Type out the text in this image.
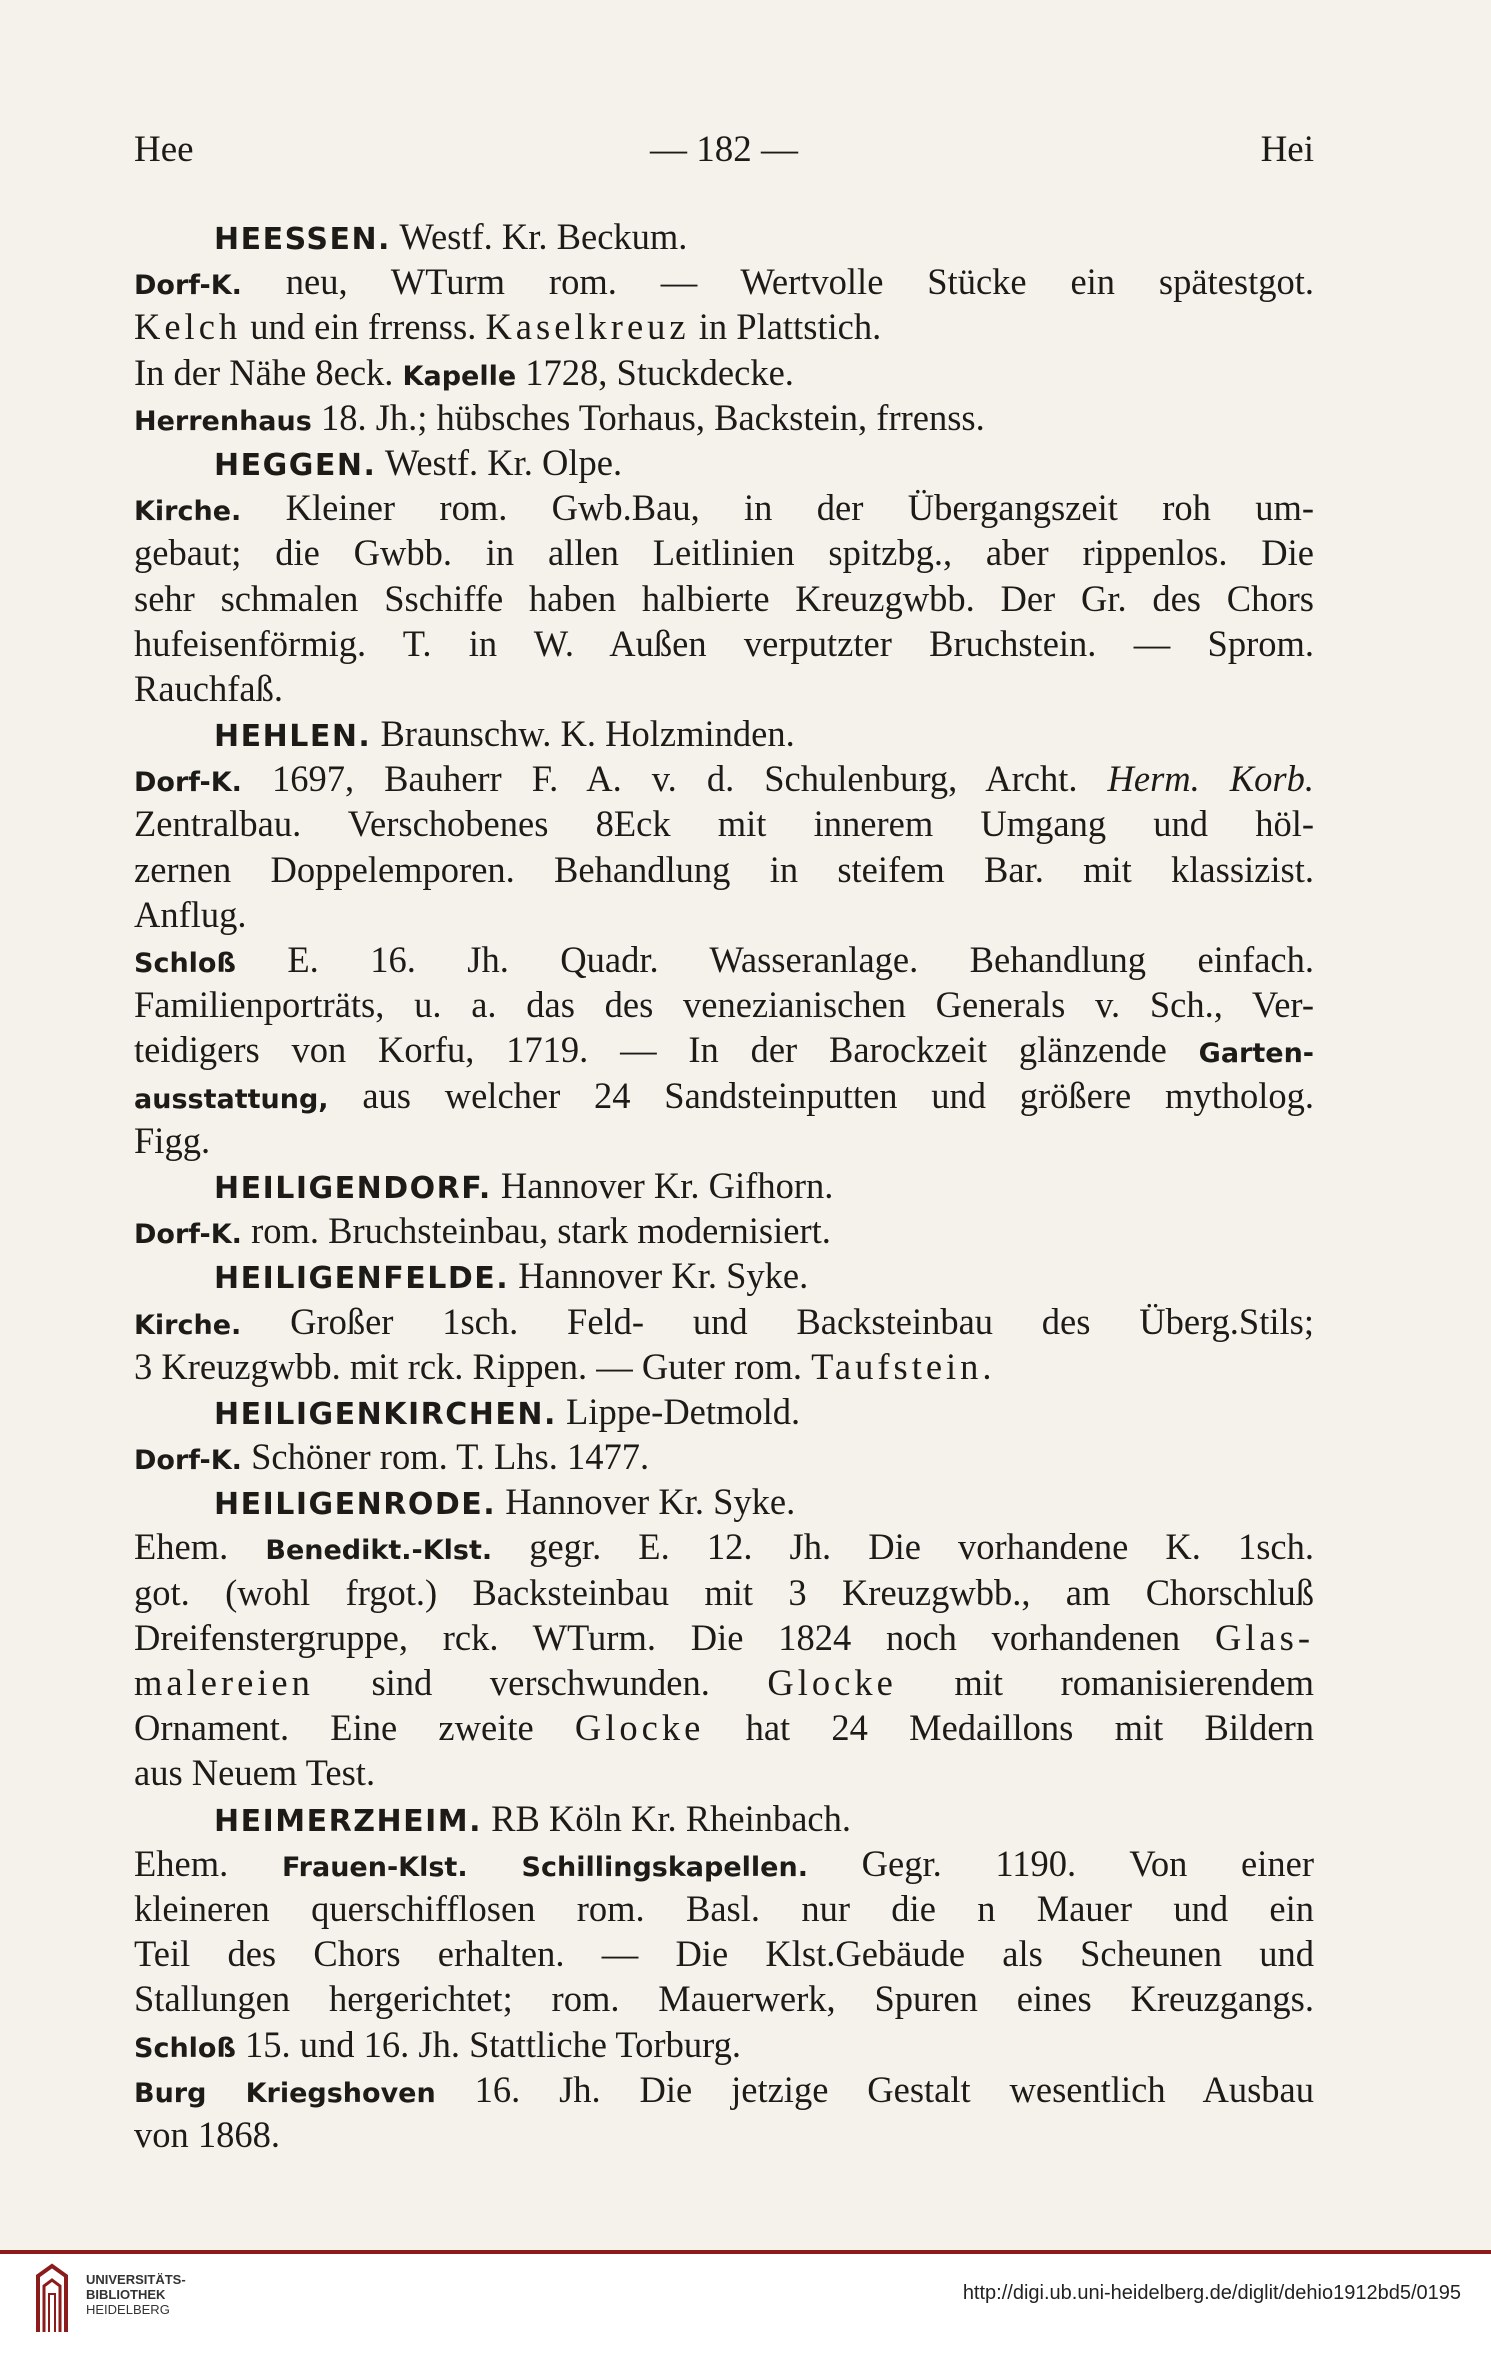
Hee	— 182 —	Hei
HEESSEN. Westf. Kr. Beckum.
Dorf-K. neu, WTurm rom. — Wertvolle Stücke ein spätestgot.
Kelch und ein frrenss. Kaselkreuz in Plattstich.
In der Nähe 8eck. Kapelle 1728, Stuckdecke.
Herrenhaus 18. Jh.; hübsches Torhaus, Backstein, frrenss.
HEGGEN. Westf. Kr. Olpe.
Kirche. Kleiner rom. Gwb.Bau, in der Übergangszeit roh um-
gebaut; die Gwbb. in allen Leitlinien spitzbg., aber rippenlos. Die
sehr schmalen Sschiffe haben halbierte Kreuzgwbb. Der Gr. des Chors
hufeisenförmig. T. in W. Außen verputzter Bruchstein. — Sprom.
Rauchfaß.
HEHLEN. Braunschw. K. Holzminden.
Dorf-K. 1697, Bauherr F. A. v. d. Schulenburg, Archt. Herm. Korb.
Zentralbau. Verschobenes 8Eck mit innerem Umgang und höl-
zernen Doppelemporen. Behandlung in steifem Bar. mit klassizist.
Anflug.
Schloß E. 16. Jh. Quadr. Wasseranlage. Behandlung einfach.
Familienporträts, u. a. das des venezianischen Generals v. Sch., Ver-
teidigers von Korfu, 1719. — In der Barockzeit glänzende Garten-
ausstattung, aus welcher 24 Sandsteinputten und größere mytholog.
Figg.
HEILIGENDORF. Hannover Kr. Gifhorn.
Dorf-K. rom. Bruchsteinbau, stark modernisiert.
HEILIGENFELDE. Hannover Kr. Syke.
Kirche. Großer 1sch. Feld- und Backsteinbau des Überg.Stils;
3 Kreuzgwbb. mit rck. Rippen. — Guter rom. Taufstein.
HEILIGENKIRCHEN. Lippe-Detmold.
Dorf-K. Schöner rom. T. Lhs. 1477.
HEILIGENRODE. Hannover Kr. Syke.
Ehem. Benedikt.-Klst. gegr. E. 12. Jh. Die vorhandene K. 1sch.
got. (wohl frgot.) Backsteinbau mit 3 Kreuzgwbb., am Chorschluß
Dreifenstergruppe, rck. WTurm. Die 1824 noch vorhandenen Glas-
malereien sind verschwunden. Glocke mit romanisierendem
Ornament. Eine zweite Glocke hat 24 Medaillons mit Bildern
aus Neuem Test.
HEIMERZHEIM. RB Köln Kr. Rheinbach.
Ehem. Frauen-Klst. Schillingskapellen. Gegr. 1190. Von einer
kleineren querschifflosen rom. Basl. nur die n Mauer und ein
Teil des Chors erhalten. — Die Klst.Gebäude als Scheunen und
Stallungen hergerichtet; rom. Mauerwerk, Spuren eines Kreuzgangs.
Schloß 15. und 16. Jh. Stattliche Torburg.
Burg Kriegshoven 16. Jh. Die jetzige Gestalt wesentlich Ausbau
von 1868.
UNIVERSITÄTS-
BIBLIOTHEK
HEIDELBERG
http://digi.ub.uni-heidelberg.de/diglit/dehio1912bd5/0195
